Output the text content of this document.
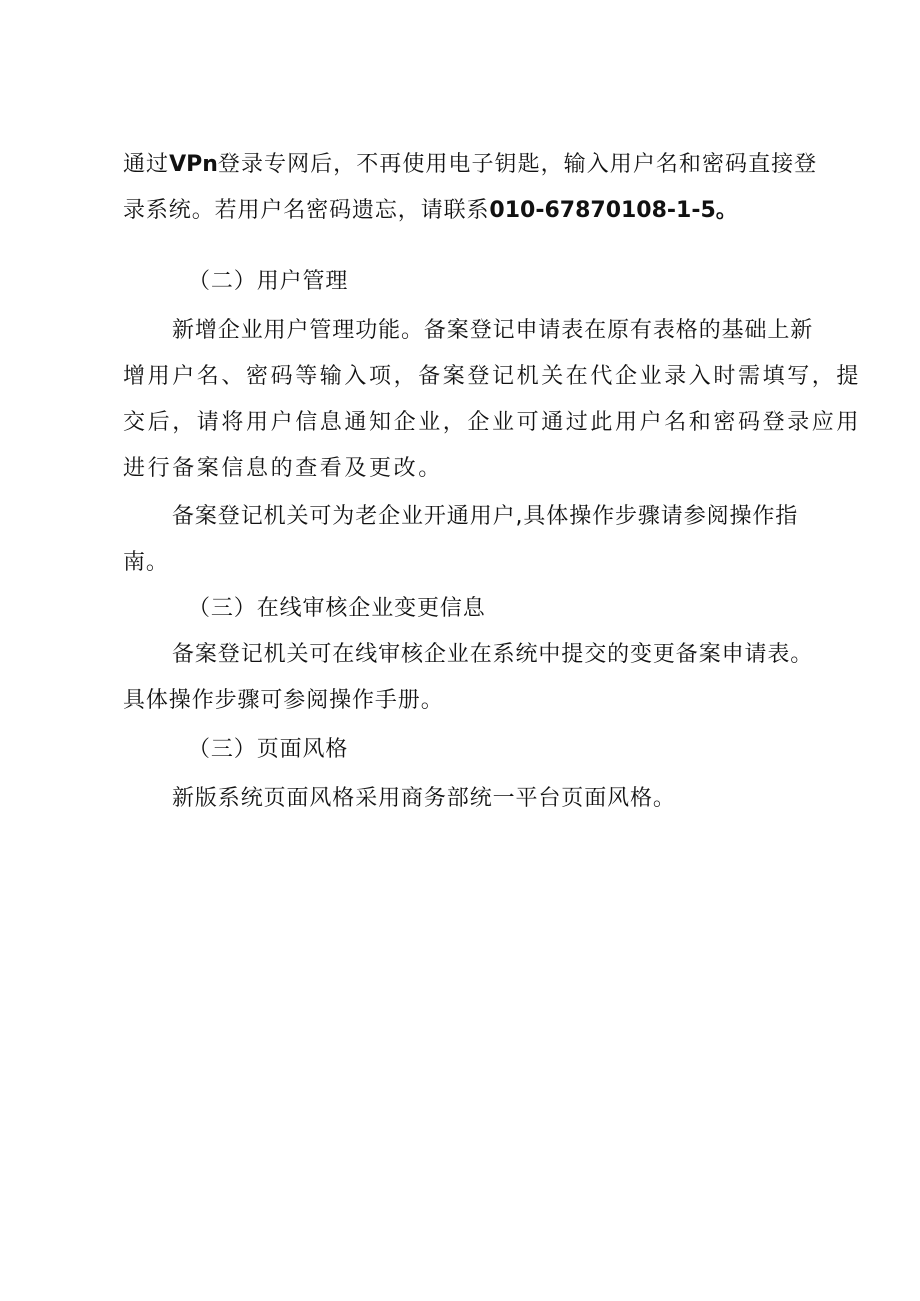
通过VPn登录专网后，不再使用电子钥匙，输入用户名和密码直接登
录系统。若用户名密码遗忘，请联系010-67870108-1-5。
（二）用户管理
新增企业用户管理功能。备案登记申请表在原有表格的基础上新
增用户名、密码等输入项，备案登记机关在代企业录入时需填写，提
交后，请将用户信息通知企业，企业可通过此用户名和密码登录应用
进行备案信息的查看及更改。
备案登记机关可为老企业开通用户,具体操作步骤请参阅操作指
南。
（三）在线审核企业变更信息
备案登记机关可在线审核企业在系统中提交的变更备案申请表。
具体操作步骤可参阅操作手册。
（三）页面风格
新版系统页面风格采用商务部统一平台页面风格。
